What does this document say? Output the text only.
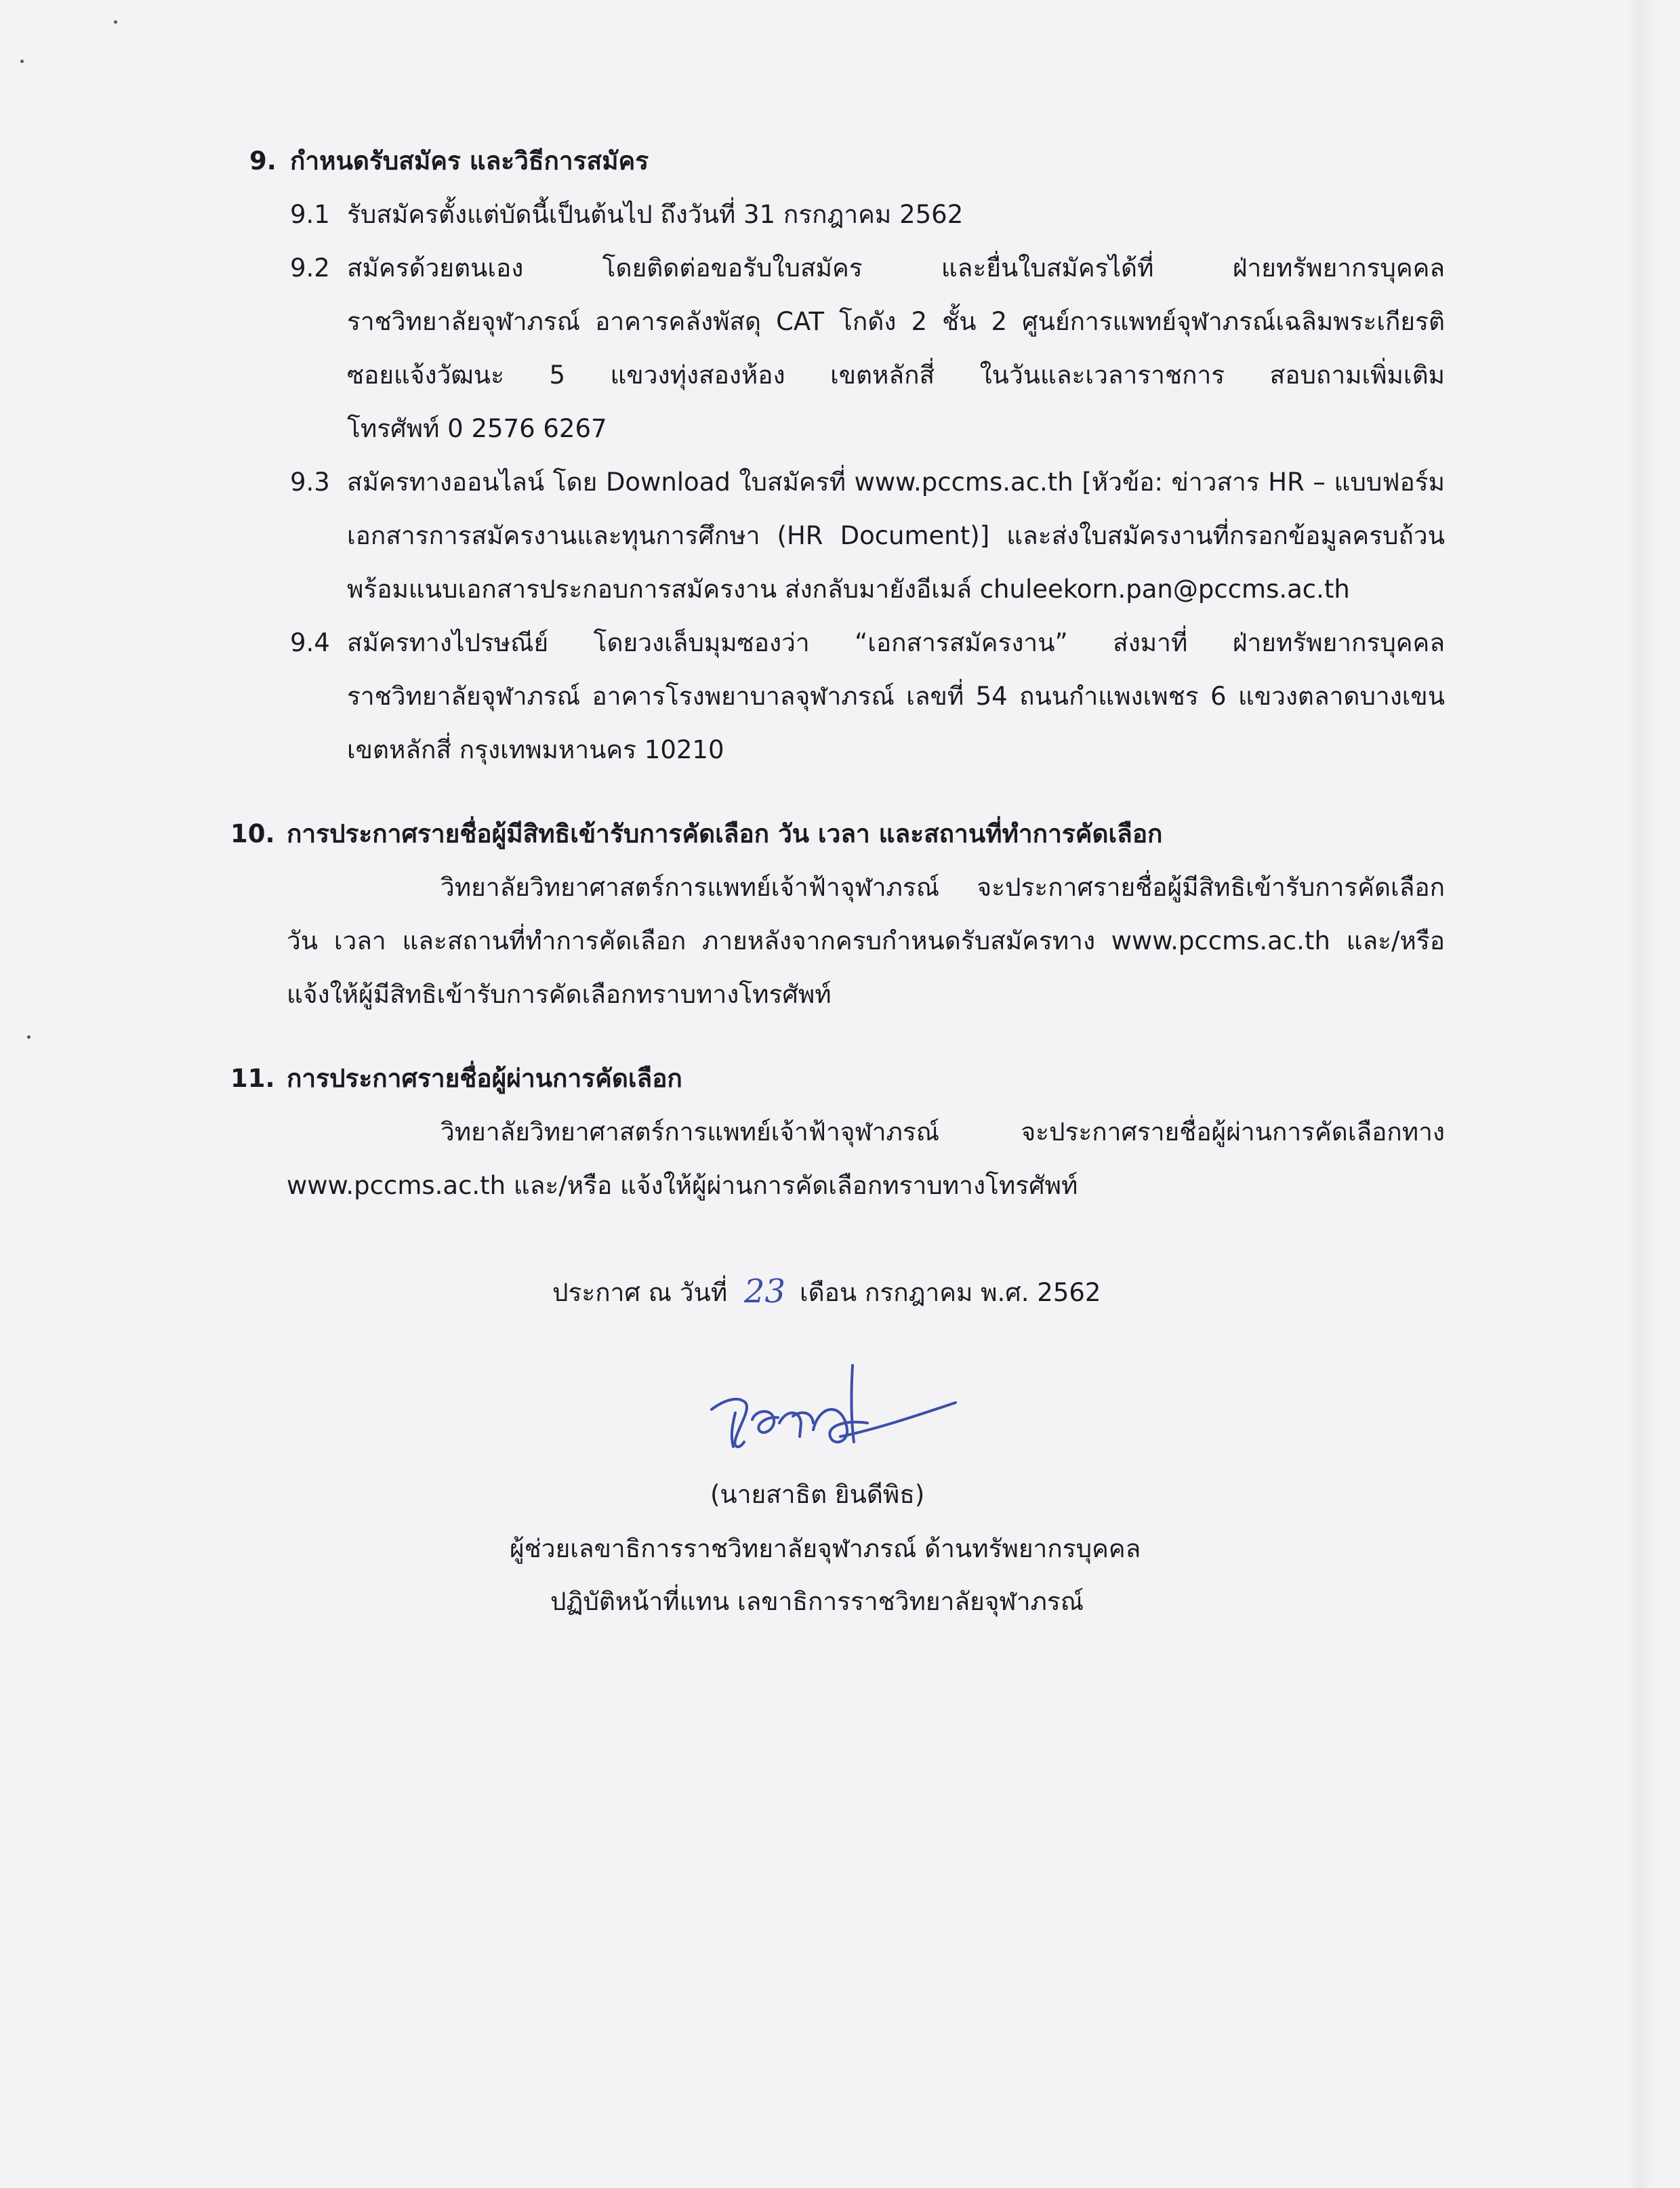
9. กำหนดรับสมัคร และวิธีการสมัคร
9.1 รับสมัครตั้งแต่บัดนี้เป็นต้นไป ถึงวันที่ 31 กรกฎาคม 2562
9.2 สมัครด้วยตนเอง โดยติดต่อขอรับใบสมัคร และยื่นใบสมัครได้ที่ ฝ่ายทรัพยากรบุคคล
ราชวิทยาลัยจุฬาภรณ์ อาคารคลังพัสดุ CAT โกดัง 2 ชั้น 2 ศูนย์การแพทย์จุฬาภรณ์เฉลิมพระเกียรติ
ซอยแจ้งวัฒนะ 5 แขวงทุ่งสองห้อง เขตหลักสี่ ในวันและเวลาราชการ สอบถามเพิ่มเติม
โทรศัพท์ 0 2576 6267
9.3 สมัครทางออนไลน์ โดย Download ใบสมัครที่ www.pccms.ac.th [หัวข้อ: ข่าวสาร HR – แบบฟอร์ม
เอกสารการสมัครงานและทุนการศึกษา (HR Document)] และส่งใบสมัครงานที่กรอกข้อมูลครบถ้วน
พร้อมแนบเอกสารประกอบการสมัครงาน ส่งกลับมายังอีเมล์ chuleekorn.pan@pccms.ac.th
9.4 สมัครทางไปรษณีย์ โดยวงเล็บมุมซองว่า “เอกสารสมัครงาน” ส่งมาที่ ฝ่ายทรัพยากรบุคคล
ราชวิทยาลัยจุฬาภรณ์ อาคารโรงพยาบาลจุฬาภรณ์ เลขที่ 54 ถนนกำแพงเพชร 6 แขวงตลาดบางเขน
เขตหลักสี่ กรุงเทพมหานคร 10210
10. การประกาศรายชื่อผู้มีสิทธิเข้ารับการคัดเลือก วัน เวลา และสถานที่ทำการคัดเลือก
วิทยาลัยวิทยาศาสตร์การแพทย์เจ้าฟ้าจุฬาภรณ์ จะประกาศรายชื่อผู้มีสิทธิเข้ารับการคัดเลือก
วัน เวลา และสถานที่ทำการคัดเลือก ภายหลังจากครบกำหนดรับสมัครทาง www.pccms.ac.th และ/หรือ
แจ้งให้ผู้มีสิทธิเข้ารับการคัดเลือกทราบทางโทรศัพท์
11. การประกาศรายชื่อผู้ผ่านการคัดเลือก
วิทยาลัยวิทยาศาสตร์การแพทย์เจ้าฟ้าจุฬาภรณ์ จะประกาศรายชื่อผู้ผ่านการคัดเลือกทาง
www.pccms.ac.th และ/หรือ แจ้งให้ผู้ผ่านการคัดเลือกทราบทางโทรศัพท์
ประกาศ ณ วันที่ 23 เดือน กรกฎาคม พ.ศ. 2562
(นายสาธิต ยินดีพิธ)
ผู้ช่วยเลขาธิการราชวิทยาลัยจุฬาภรณ์ ด้านทรัพยากรบุคคล
ปฏิบัติหน้าที่แทน เลขาธิการราชวิทยาลัยจุฬาภรณ์
